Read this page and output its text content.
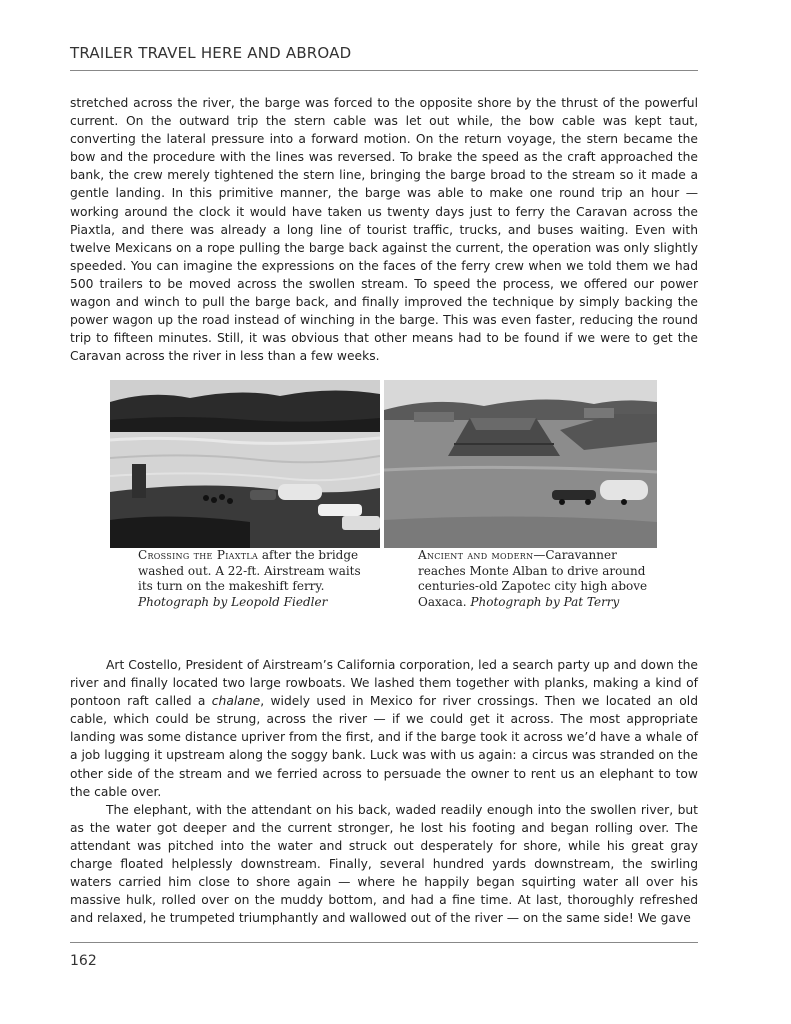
TRAILER TRAVEL HERE AND ABROAD

stretched across the river, the barge was forced to the opposite shore by the thrust of the powerful current. On the outward trip the stern cable was let out while, the bow cable was kept taut, converting the lateral pressure into a forward motion. On the return voyage, the stern became the bow and the procedure with the lines was reversed. To brake the speed as the craft approached the bank, the crew merely tightened the stern line, bringing the barge broad to the stream so it made a gentle landing. In this primitive manner, the barge was able to make one round trip an hour — working around the clock it would have taken us twenty days just to ferry the Caravan across the Piaxtla, and there was already a long line of tourist traffic, trucks, and buses waiting. Even with twelve Mexicans on a rope pulling the barge back against the current, the operation was only slightly speeded. You can imagine the expressions on the faces of the ferry crew when we told them we had 500 trailers to be moved across the swollen stream. To speed the process, we offered our power wagon and winch to pull the barge back, and finally improved the technique by simply backing the power wagon up the road instead of winching in the barge. This was even faster, reducing the round trip to fifteen minutes. Still, it was obvious that other means had to be found if we were to get the Caravan across the river in less than a few weeks.

Crossing the Piaxtla after the bridge washed out. A 22-ft. Airstream waits its turn on the makeshift ferry. Photograph by Leopold Fiedler
Ancient and modern—Caravanner reaches Monte Alban to drive around centuries-old Zapotec city high above Oaxaca. Photograph by Pat Terry

Art Costello, President of Airstream’s California corporation, led a search party up and down the river and finally located two large rowboats. We lashed them together with planks, making a kind of pontoon raft called a chalane, widely used in Mexico for river crossings. Then we located an old cable, which could be strung, across the river — if we could get it across. The most appropriate landing was some distance upriver from the first, and if the barge took it across we’d have a whale of a job lugging it upstream along the soggy bank. Luck was with us again: a circus was stranded on the other side of the stream and we ferried across to persuade the owner to rent us an elephant to tow the cable over.

The elephant, with the attendant on his back, waded readily enough into the swollen river, but as the water got deeper and the current stronger, he lost his footing and began rolling over. The attendant was pitched into the water and struck out desperately for shore, while his great gray charge floated helplessly downstream. Finally, several hundred yards downstream, the swirling waters carried him close to shore again — where he happily began squirting water all over his massive hulk, rolled over on the muddy bottom, and had a fine time. At last, thoroughly refreshed and relaxed, he trumpeted triumphantly and wallowed out of the river — on the same side! We gave

162
